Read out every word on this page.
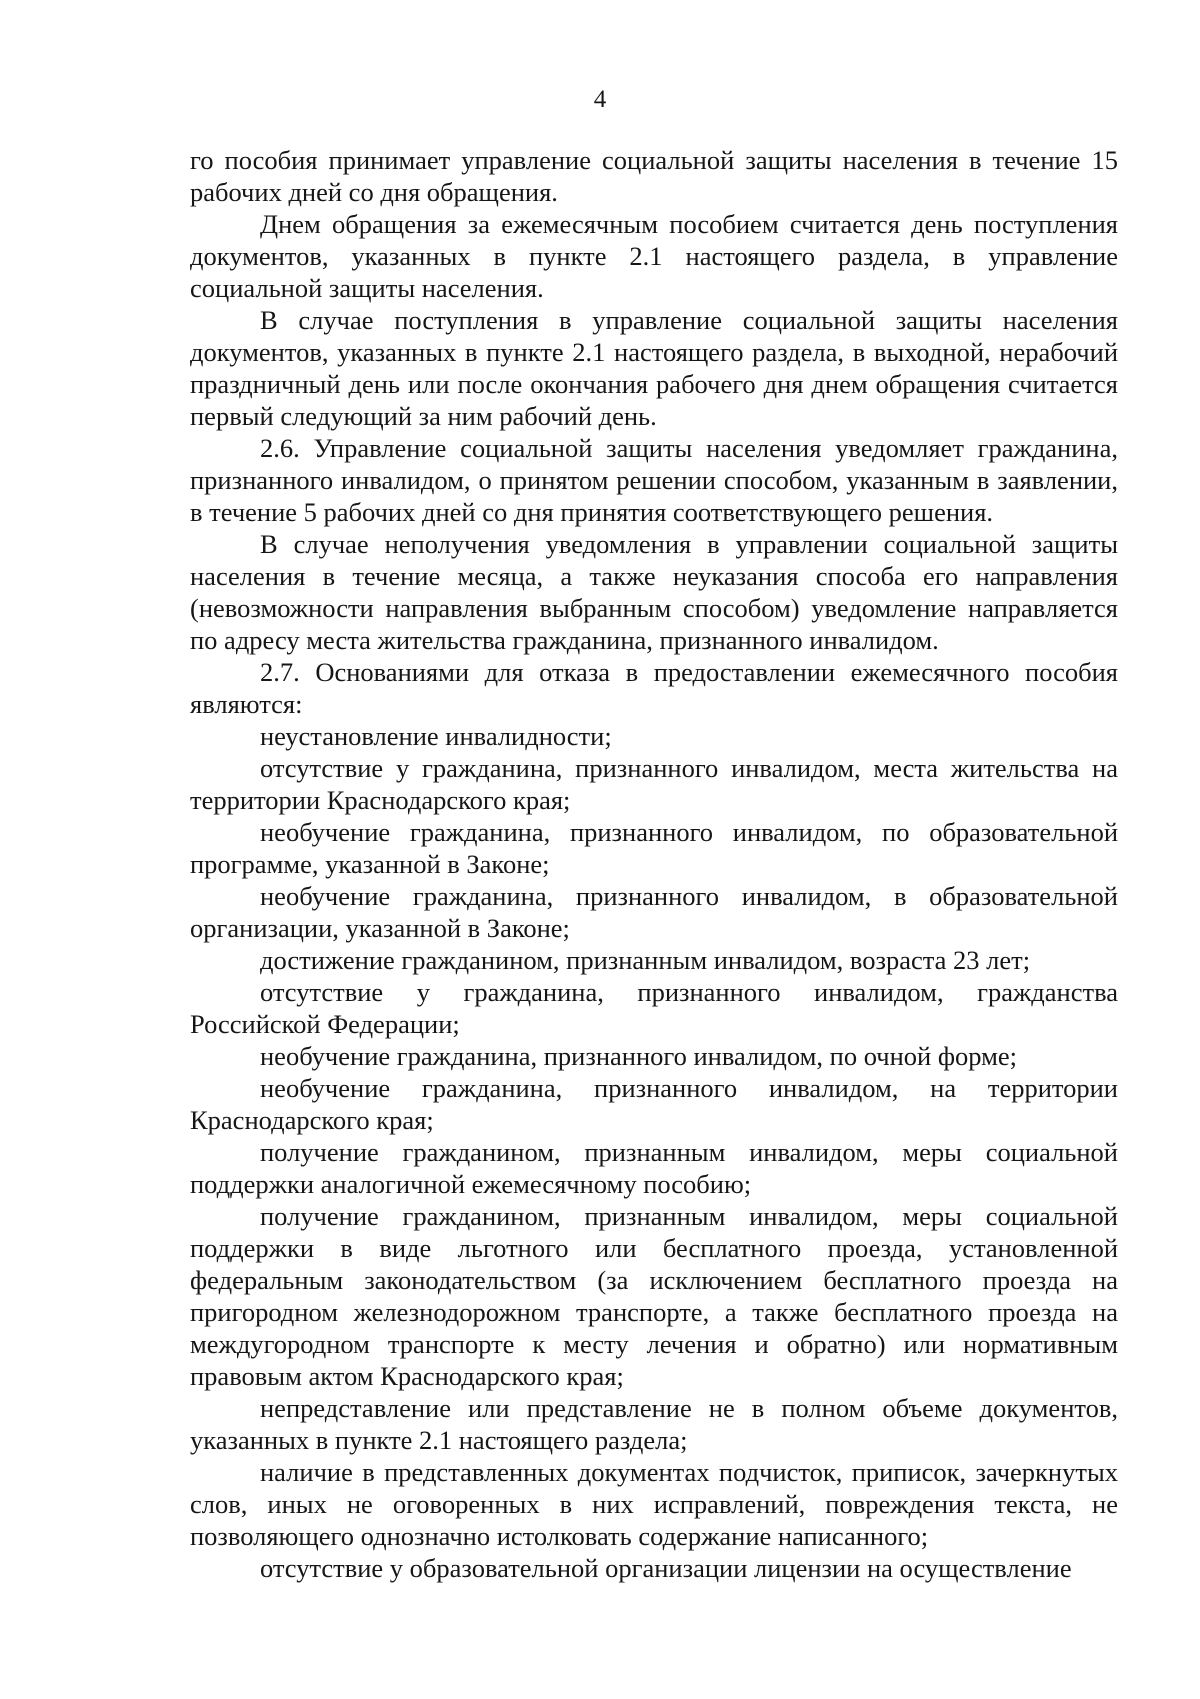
4

го пособия принимает управление социальной защиты населения в течение 15 рабочих дней со дня обращения.

Днем обращения за ежемесячным пособием считается день поступления документов, указанных в пункте 2.1 настоящего раздела, в управление социальной защиты населения.

В случае поступления в управление социальной защиты населения документов, указанных в пункте 2.1 настоящего раздела, в выходной, нерабочий праздничный день или после окончания рабочего дня днем обращения считается первый следующий за ним рабочий день.

2.6. Управление социальной защиты населения уведомляет гражданина, признанного инвалидом, о принятом решении способом, указанным в заявлении, в течение 5 рабочих дней со дня принятия соответствующего решения.

В случае неполучения уведомления в управлении социальной защиты населения в течение месяца, а также неуказания способа его направления (невозможности направления выбранным способом) уведомление направляется по адресу места жительства гражданина, признанного инвалидом.

2.7. Основаниями для отказа в предоставлении ежемесячного пособия являются:

неустановление инвалидности;

отсутствие у гражданина, признанного инвалидом, места жительства на территории Краснодарского края;

необучение гражданина, признанного инвалидом, по образовательной программе, указанной в Законе;

необучение гражданина, признанного инвалидом, в образовательной организации, указанной в Законе;

достижение гражданином, признанным инвалидом, возраста 23 лет;

отсутствие у гражданина, признанного инвалидом, гражданства Российской Федерации;

необучение гражданина, признанного инвалидом, по очной форме;

необучение гражданина, признанного инвалидом, на территории Краснодарского края;

получение гражданином, признанным инвалидом, меры социальной поддержки аналогичной ежемесячному пособию;

получение гражданином, признанным инвалидом, меры социальной поддержки в виде льготного или бесплатного проезда, установленной федеральным законодательством (за исключением бесплатного проезда на пригородном железнодорожном транспорте, а также бесплатного проезда на междугородном транспорте к месту лечения и обратно) или нормативным правовым актом Краснодарского края;

непредставление или представление не в полном объеме документов, указанных в пункте 2.1 настоящего раздела;

наличие в представленных документах подчисток, приписок, зачеркнутых слов, иных не оговоренных в них исправлений, повреждения текста, не позволяющего однозначно истолковать содержание написанного;

отсутствие у образовательной организации лицензии на осуществление
